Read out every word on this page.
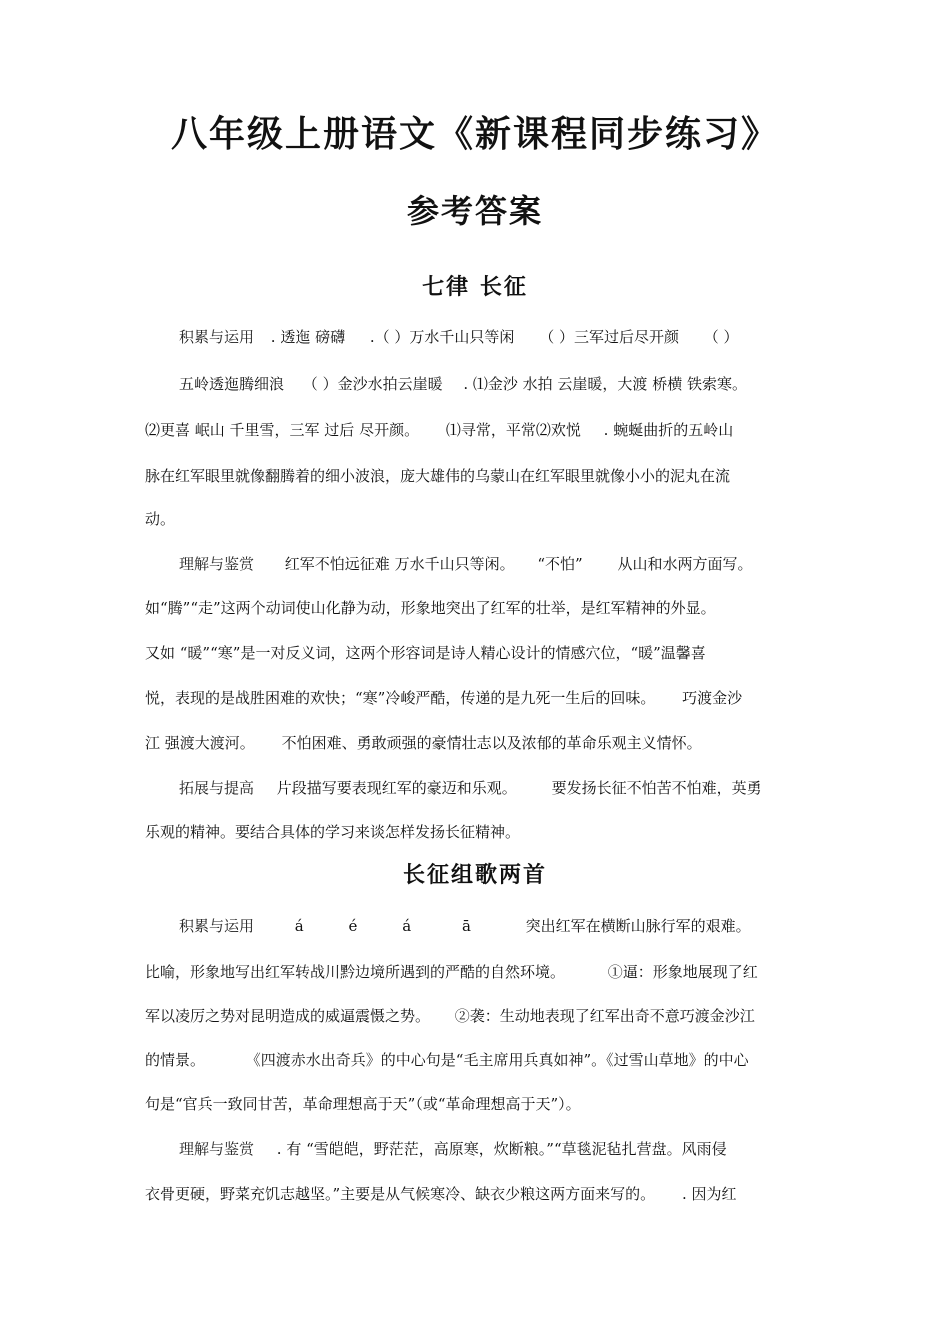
八年级上册语文《新课程同步练习》
参考答案
七律 长征
积累与运用 . 透迤 磅礴 .（ ）万水千山只等闲 （ ）三军过后尽开颜 （ ）
五岭透迤腾细浪 （ ）金沙水拍云崖暖 . ⑴金沙 水拍 云崖暖，大渡 桥横 铁索寒。
⑵更喜 岷山 千里雪，三军 过后 尽开颜。 ⑴寻常，平常⑵欢悦 . 蜿蜒曲折的五岭山
脉在红军眼里就像翻腾着的细小波浪，庞大雄伟的乌蒙山在红军眼里就像小小的泥丸在流
动。
理解与鉴赏 红军不怕远征难 万水千山只等闲。 “不怕” 从山和水两方面写。
如“腾”“走”这两个动词使山化静为动，形象地突出了红军的壮举，是红军精神的外显。
又如 “暖”“寒”是一对反义词，这两个形容词是诗人精心设计的情感穴位，“暖”温馨喜
悦，表现的是战胜困难的欢快；“寒”冷峻严酷，传递的是九死一生后的回味。 巧渡金沙
江 强渡大渡河。 不怕困难、勇敢顽强的豪情壮志以及浓郁的革命乐观主义情怀。
拓展与提高 片段描写要表现红军的豪迈和乐观。 要发扬长征不怕苦不怕难，英勇
乐观的精神。要结合具体的学习来谈怎样发扬长征精神。
长征组歌两首
积累与运用	á	é	á	ā	突出红军在横断山脉行军的艰难。
比喻，形象地写出红军转战川黔边境所遇到的严酷的自然环境。	①逼：形象地展现了红
军以凌厉之势对昆明造成的威逼震慑之势。 ②袭：生动地表现了红军出奇不意巧渡金沙江
的情景。	《四渡赤水出奇兵》的中心句是“毛主席用兵真如神”。《过雪山草地》的中心
句是“官兵一致同甘苦，革命理想高于天”（或“革命理想高于天”）。
理解与鉴赏 . 有 “雪皑皑，野茫茫，高原寒，炊断粮。”“草毯泥毡扎营盘。风雨侵
衣骨更硬，野菜充饥志越坚。”主要是从气候寒冷、缺衣少粮这两方面来写的。 . 因为红
